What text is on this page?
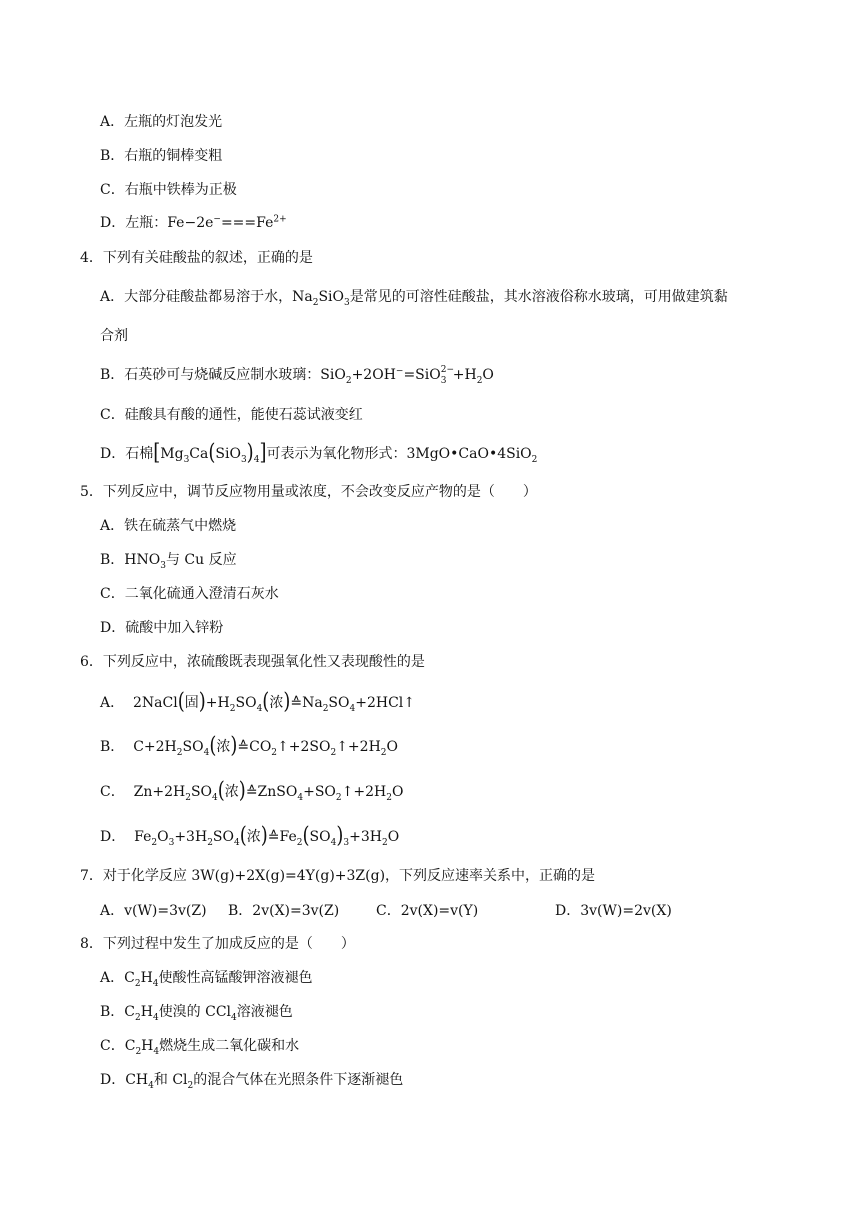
A．左瓶的灯泡发光
B．右瓶的铜棒变粗
C．右瓶中铁棒为正极
D．左瓶：$Fe-2e^-===Fe^{2+}$
4．下列有关硅酸盐的叙述，正确的是
A．大部分硅酸盐都易溶于水，$Na_2SiO_3$是常见的可溶性硅酸盐，其水溶液俗称水玻璃，可用做建筑黏
合剂
B．石英砂可与烧碱反应制水玻璃：SiO$_2$+2OH−=SiO 2−
$3 +H_2O$
C．硅酸具有酸的通性，能使石蕊试液变红
D．石棉$[Mg_3Ca(SiO_3)_4]$可表示为氧化物形式：3MgO•CaO•4SiO$_2$
5．下列反应中，调节反应物用量或浓度，不会改变反应产物的是（　　）
A．铁在硫蒸气中燃烧
B．$HNO_3$与 Cu 反应
C．二氧化硫通入澄清石灰水
D．硫酸中加入锌粉
6．下列反应中，浓硫酸既表现强氧化性又表现酸性的是
A．  2NaCl(固)$+H_2SO_4$(浓)$≙Na_2SO_4+2HCl↑$
B．  $C+2H_2SO_4$(浓)$≙CO_2↑+2SO_2↑+2H_2O$
C．  $Zn+2H_2SO_4$(浓)$≙ZnSO_4+SO_2↑+2H_2O$
D．  $Fe_2O_3+3H_2SO_4$(浓)$≙Fe_2(SO_4)_3+3H_2O$
7．对于化学反应 3W(g)+2X(g)=4Y(g)+3Z(g)，下列反应速率关系中，正确的是
A．v(W)=3v(Z) B．2v(X)=3v(Z)	C．2v(X)=v(Y)	D．3v(W)=2v(X)
8．下列过程中发生了加成反应的是（　　）
A．$C_2H_4$使酸性高锰酸钾溶液褪色
B．$C_2H_4$使溴的 CCl$_4$溶液褪色
C．$C_2H_4$燃烧生成二氧化碳和水
D．$CH_4$和 $Cl_2$的混合气体在光照条件下逐渐褪色
